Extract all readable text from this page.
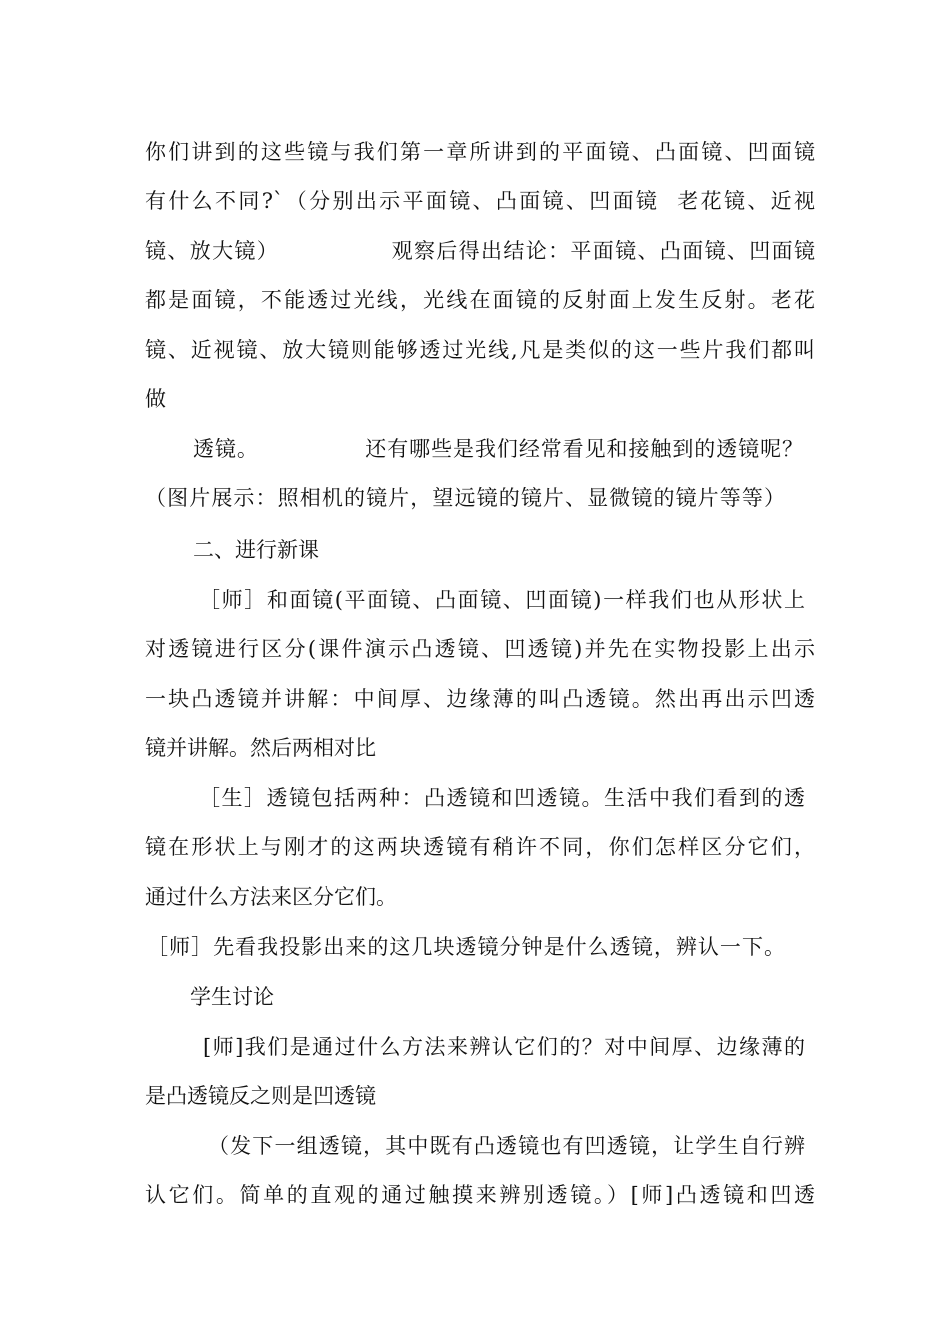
你们讲到的这些镜与我们第一章所讲到的平面镜、凸面镜、凹面镜
有什么不同?`（分别出示平面镜、凸面镜、凹面镜  老花镜、近视
镜、放大镜）              观察后得出结论：平面镜、凸面镜、凹面镜
都是面镜，不能透过光线，光线在面镜的反射面上发生反射。老花
镜、近视镜、放大镜则能够透过光线,凡是类似的这一些片我们都叫
做
透镜。              还有哪些是我们经常看见和接触到的透镜呢？
（图片展示：照相机的镜片，望远镜的镜片、显微镜的镜片等等）
二、进行新课
［师］和面镜(平面镜、凸面镜、凹面镜)一样我们也从形状上
对透镜进行区分(课件演示凸透镜、凹透镜)并先在实物投影上出示
一块凸透镜并讲解：中间厚、边缘薄的叫凸透镜。然出再出示凹透
镜并讲解。然后两相对比
［生］透镜包括两种：凸透镜和凹透镜。生活中我们看到的透
镜在形状上与刚才的这两块透镜有稍许不同，你们怎样区分它们，
通过什么方法来区分它们。
［师］先看我投影出来的这几块透镜分钟是什么透镜，辨认一下。
学生讨论
[师]我们是通过什么方法来辨认它们的？对中间厚、边缘薄的
是凸透镜反之则是凹透镜
（发下一组透镜，其中既有凸透镜也有凹透镜，让学生自行辨
认它们。简单的直观的通过触摸来辨别透镜。）[师]凸透镜和凹透
